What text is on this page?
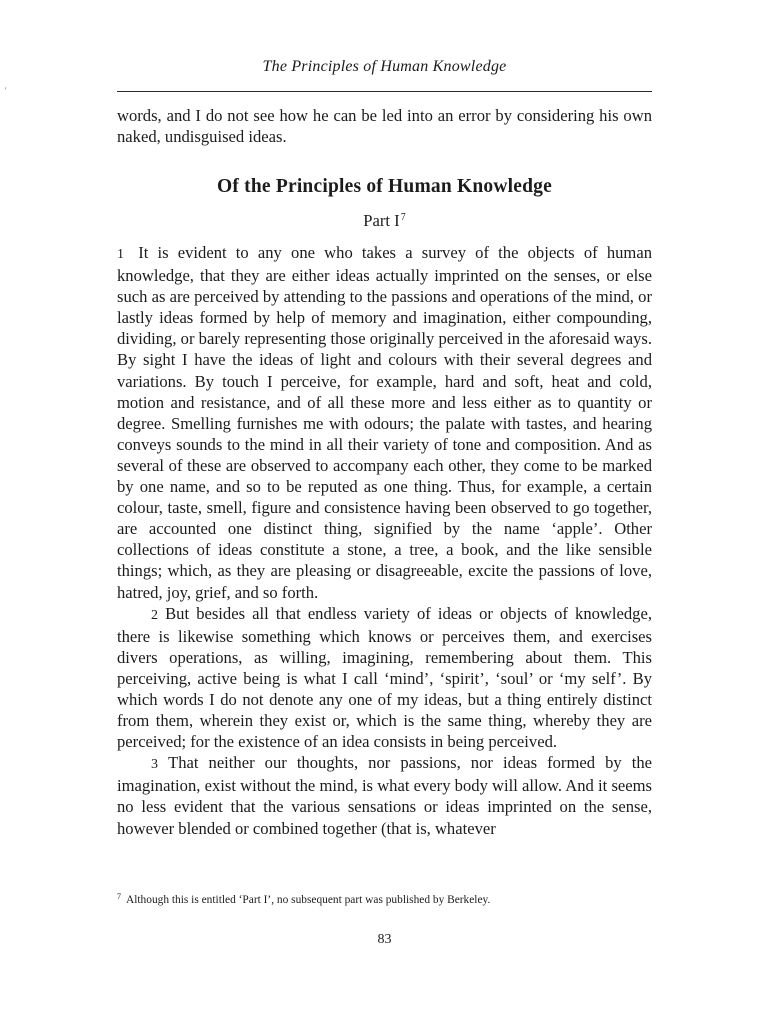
The Principles of Human Knowledge
'
words, and I do not see how he can be led into an error by considering his own naked, undisguised ideas.
Of the Principles of Human Knowledge
Part $I^7$

1 It is evident to any one who takes a survey of the objects of human knowledge, that they are either ideas actually imprinted on the senses, or else such as are perceived by attending to the passions and operations of the mind, or lastly ideas formed by help of memory and imagination, either compounding, dividing, or barely representing those originally perceived in the aforesaid ways. By sight I have the ideas of light and colours with their several degrees and variations. By touch I perceive, for example, hard and soft, heat and cold, motion and resistance, and of all these more and less either as to quantity or degree. Smelling furnishes me with odours; the palate with tastes, and hearing conveys sounds to the mind in all their variety of tone and composition. And as several of these are observed to accompany each other, they come to be marked by one name, and so to be reputed as one thing. Thus, for example, a certain colour, taste, smell, figure and consistence having been observed to go together, are accounted one distinct thing, signified by the name ‘apple’. Other collections of ideas constitute a stone, a tree, a book, and the like sensible things; which, as they are pleasing or disagreeable, excite the passions of love, hatred, joy, grief, and so forth.

2 But besides all that endless variety of ideas or objects of knowledge, there is likewise something which knows or perceives them, and exercises divers operations, as willing, imagining, remembering about them. This perceiving, active being is what I call ‘mind’, ‘spirit’, ‘soul’ or ‘my self’. By which words I do not denote any one of my ideas, but a thing entirely distinct from them, wherein they exist or, which is the same thing, whereby they are perceived; for the existence of an idea consists in being perceived.

3 That neither our thoughts, nor passions, nor ideas formed by the imagination, exist without the mind, is what every body will allow. And it seems no less evident that the various sensations or ideas imprinted on the sense, however blended or combined together (that is, whatever

$^7$ Although this is entitled ‘Part I’, no subsequent part was published by Berkeley.
83
